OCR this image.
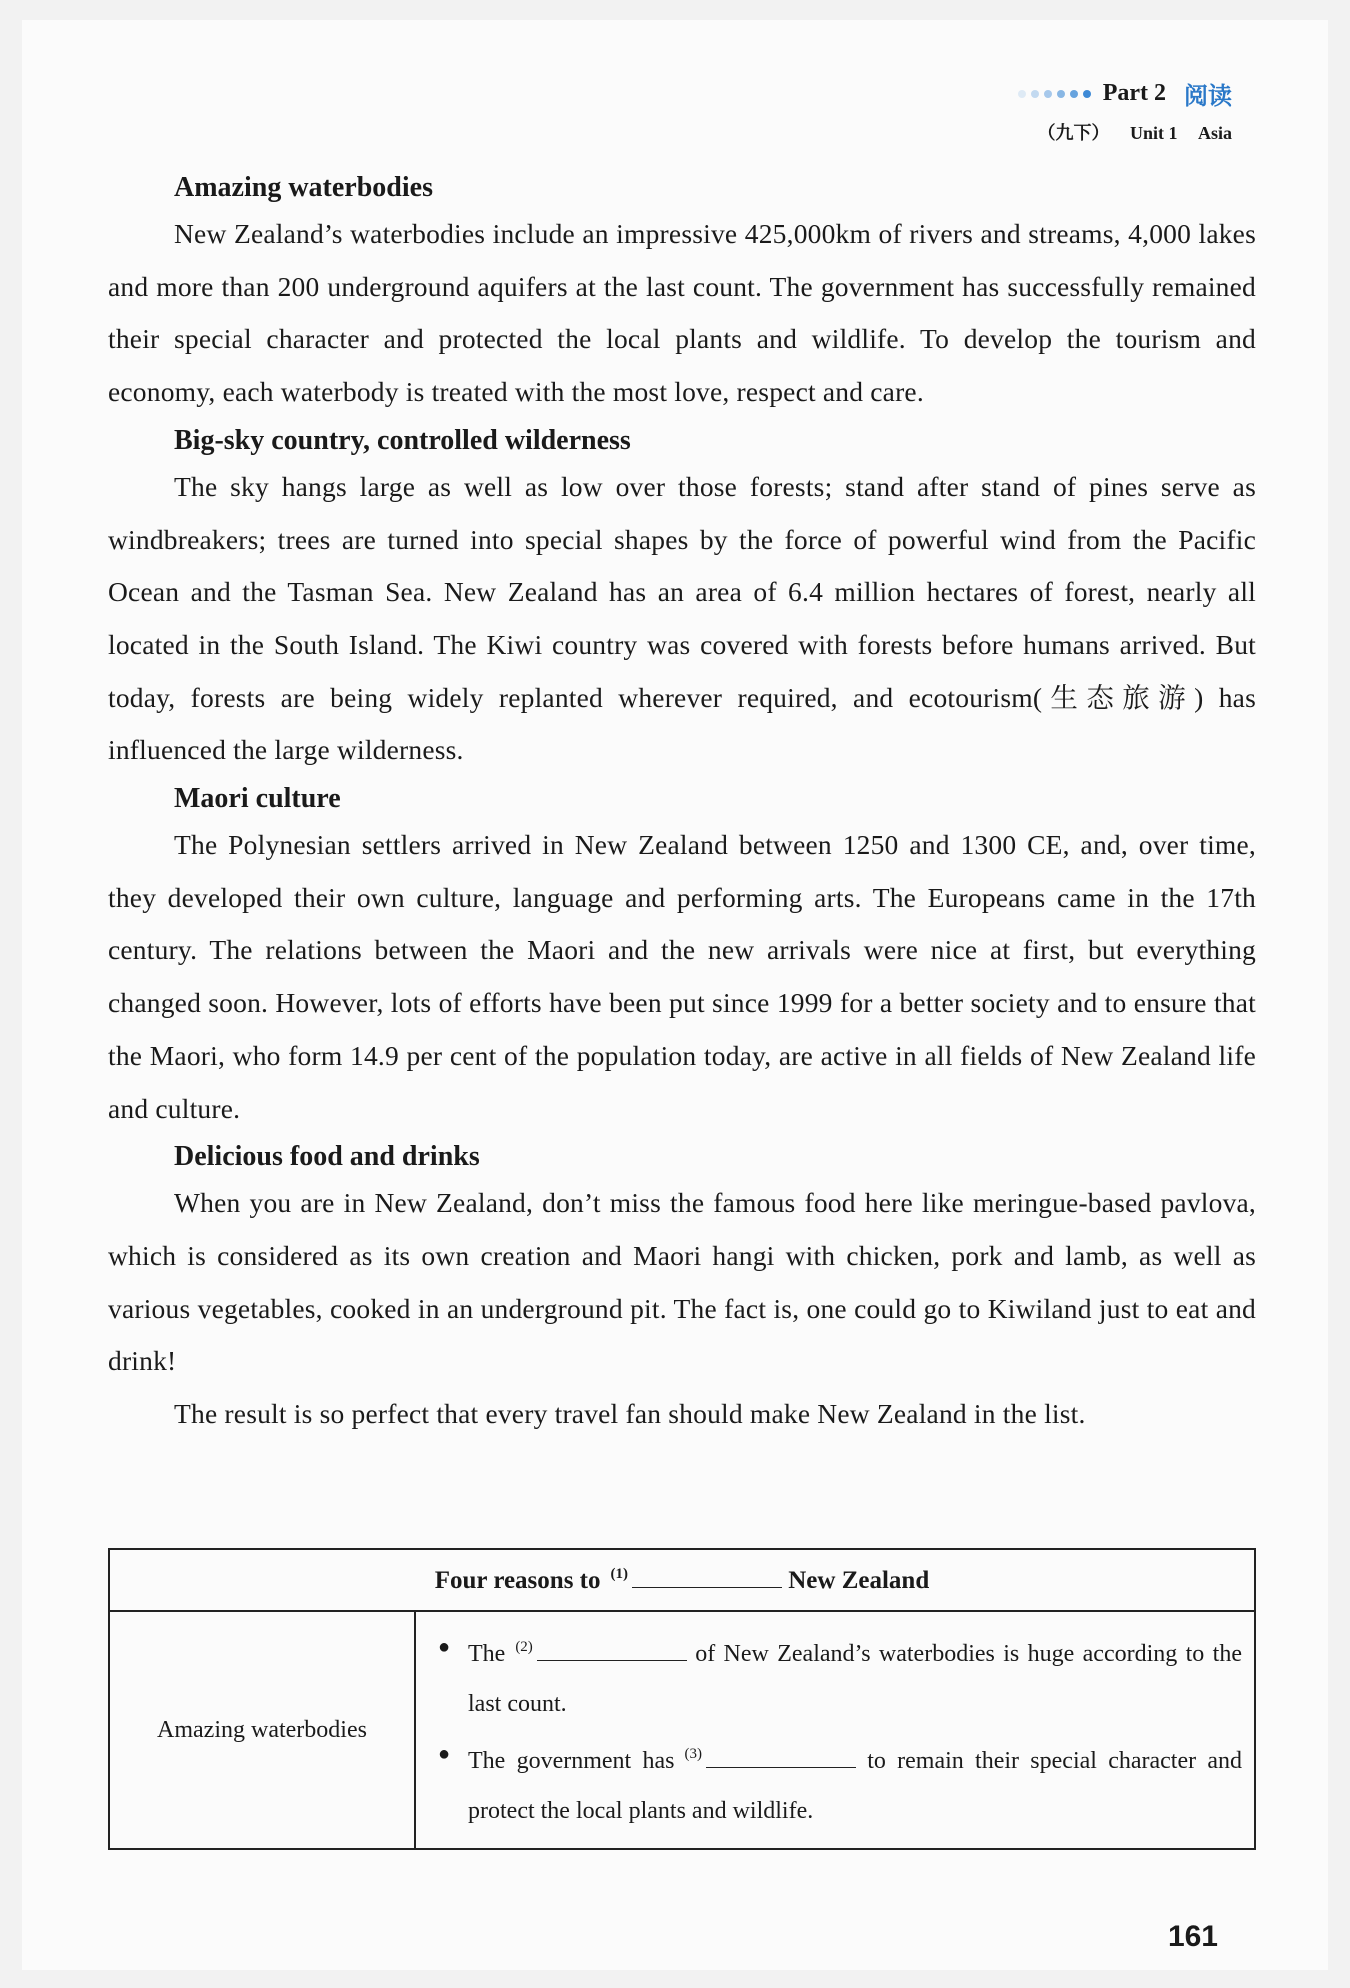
Part 2 阅读
（九下） Unit 1 Asia
Amazing waterbodies

New Zealand’s waterbodies include an impressive 425,000km of rivers and streams, 4,000 lakes and more than 200 underground aquifers at the last count. The government has successfully remained their special character and protected the local plants and wildlife. To develop the tourism and economy, each waterbody is treated with the most love, respect and care.

Big-sky country, controlled wilderness

The sky hangs large as well as low over those forests; stand after stand of pines serve as windbreakers; trees are turned into special shapes by the force of powerful wind from the Pacific Ocean and the Tasman Sea. New Zealand has an area of 6.4 million hectares of forest, nearly all located in the South Island. The Kiwi country was covered with forests before humans arrived. But today, forests are being widely replanted wherever required, and ecotourism(生态旅游) has influenced the large wilderness.

Maori culture

The Polynesian settlers arrived in New Zealand between 1250 and 1300 CE, and, over time, they developed their own culture, language and performing arts. The Europeans came in the 17th century. The relations between the Maori and the new arrivals were nice at first, but everything changed soon. However, lots of efforts have been put since 1999 for a better society and to ensure that the Maori, who form 14.9 per cent of the population today, are active in all fields of New Zealand life and culture.

Delicious food and drinks

When you are in New Zealand, don’t miss the famous food here like meringue-based pavlova, which is considered as its own creation and Maori hangi with chicken, pork and lamb, as well as various vegetables, cooked in an underground pit. The fact is, one could go to Kiwiland just to eat and drink!

The result is so perfect that every travel fan should make New Zealand in the list.

Four reasons to $^{(1)}$	New Zealand
Amazing waterbodies	
● The $^{(2)}$	of New Zealand’s waterbodies is huge according to the last count.
● The government has $^{(3)}$	to remain their special character and protect the local plants and wildlife.
161
